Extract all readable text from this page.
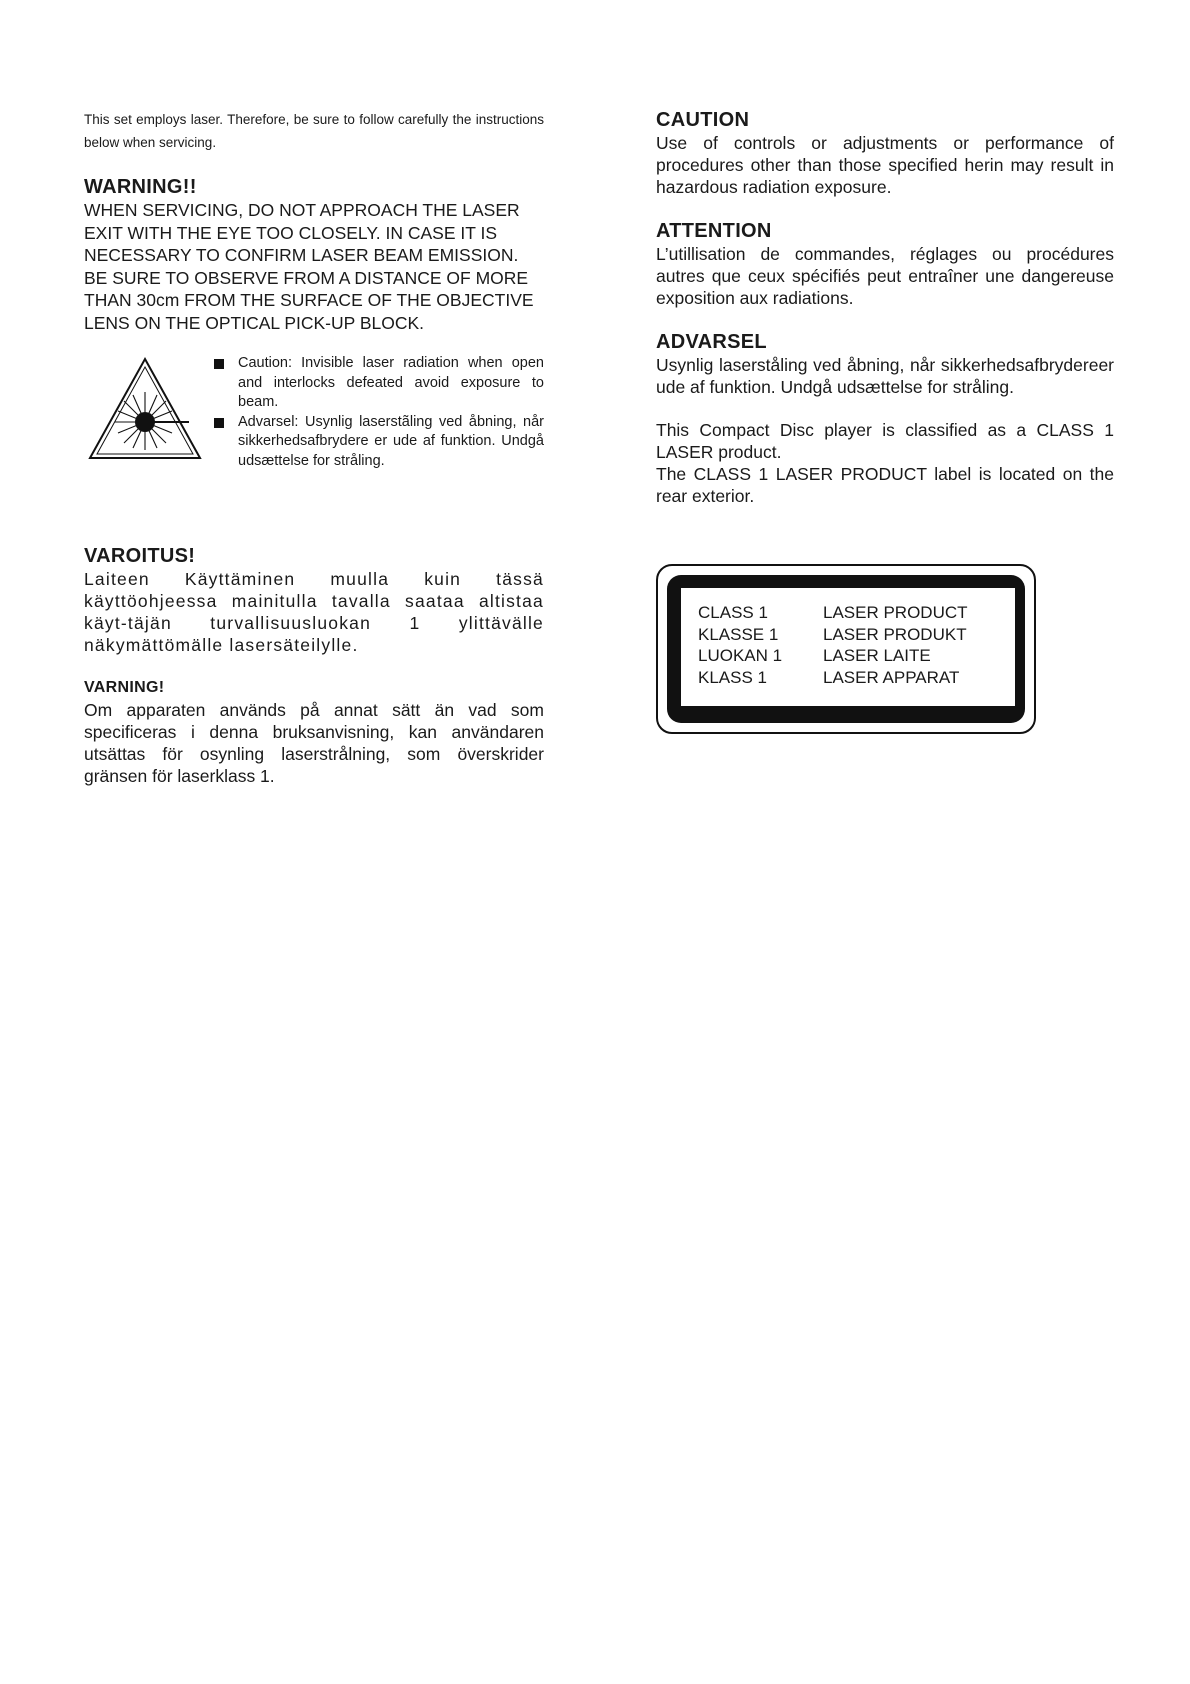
This set employs laser. Therefore, be sure to follow carefully the instructions below when servicing.

WARNING!!

WHEN SERVICING, DO NOT APPROACH THE LASER EXIT WITH THE EYE TOO CLOSELY. IN CASE IT IS NECESSARY TO CONFIRM LASER BEAM EMISSION. BE SURE TO OBSERVE FROM A DISTANCE OF MORE THAN 30cm FROM THE SURFACE OF THE OBJECTIVE LENS ON THE OPTICAL PICK-UP BLOCK.

Caution: Invisible laser radiation when open and interlocks defeated avoid exposure to beam.
Advarsel: Usynlig laserstãling ved åbning, når sikkerhedsafbrydere er ude af funktion. Undgå udsættelse for stråling.

VAROITUS!

Laiteen Käyttäminen muulla kuin tässä käyttöohjeessa mainitulla tavalla saataa altistaa käyt-täjän turvallisuusluokan 1 ylittävälle näkymättömälle lasersäteilylle.

VARNING!

Om apparaten används på annat sätt än vad som specificeras i denna bruksanvisning, kan användaren utsättas för osynling laserstrålning, som överskrider gränsen för laserklass 1.

CAUTION

Use of controls or adjustments or performance of procedures other than those specified herin may result in hazardous radiation exposure.

ATTENTION

L’utillisation de commandes, réglages ou procédures autres que ceux spécifiés peut entraîner une dangereuse exposition aux radiations.

ADVARSEL

Usynlig laserståling ved åbning, når sikkerhedsafbrydereer ude af funktion. Undgå udsættelse for stråling.

This Compact Disc player is classified as a CLASS 1 LASER product.

The CLASS 1 LASER PRODUCT label is located on the rear exterior.

CLASS 1	LASER PRODUCT
KLASSE 1	LASER PRODUKT
LUOKAN 1	LASER LAITE
KLASS 1	LASER APPARAT
